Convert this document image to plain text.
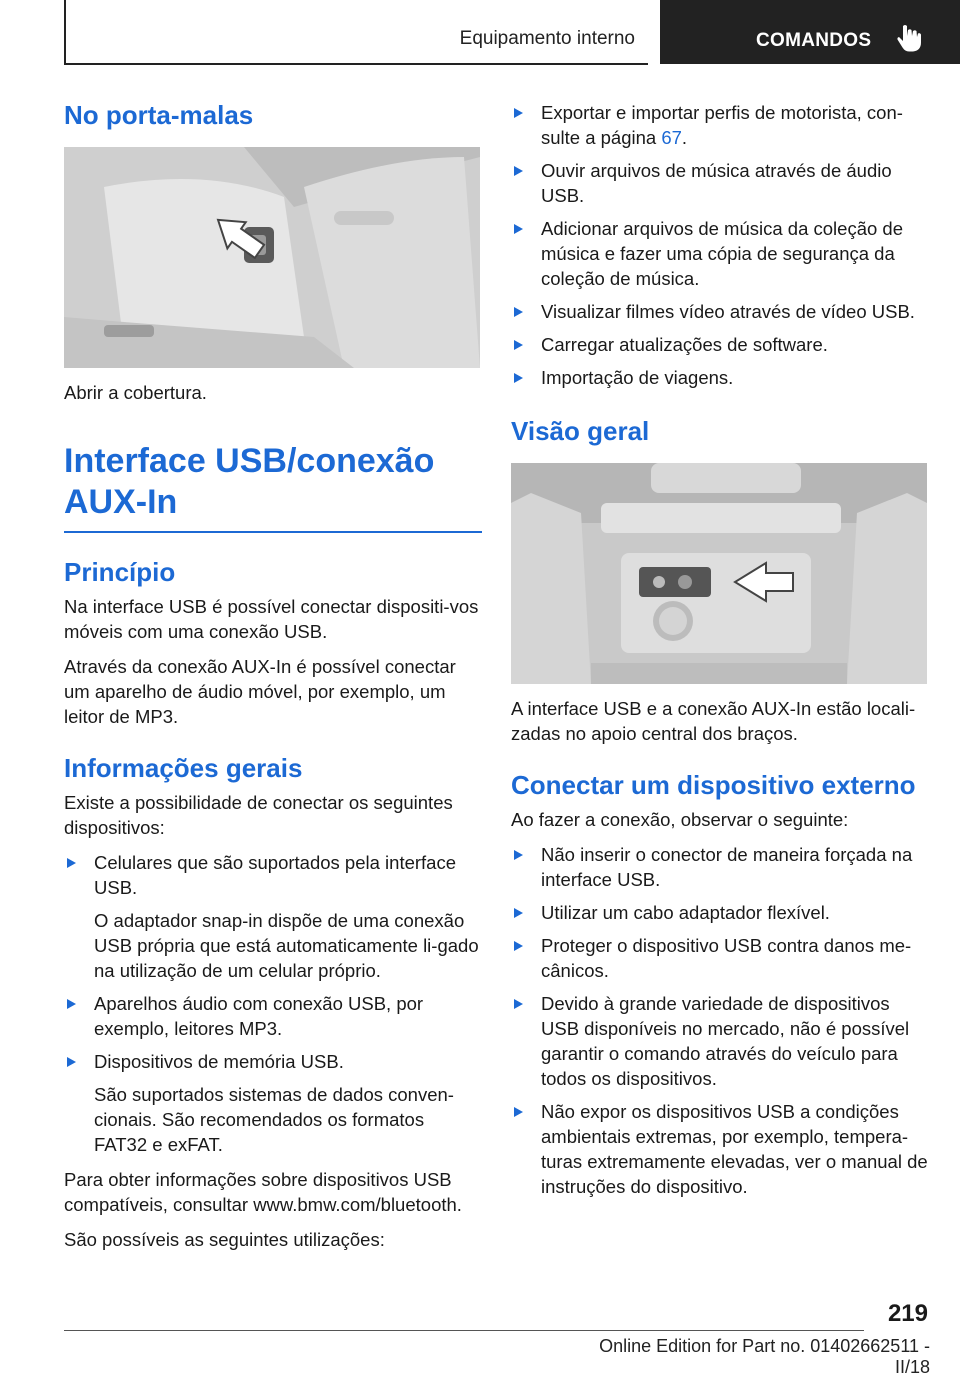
Equipamento interno	COMANDOS
No porta-malas

Abrir a cobertura.

Interface USB/conexão AUX-In
Princípio

Na interface USB é possível conectar dispositi-vos móveis com uma conexão USB.

Através da conexão AUX-In é possível conectar um aparelho de áudio móvel, por exemplo, um leitor de MP3.

Informações gerais

Existe a possibilidade de conectar os seguintes dispositivos:

Celulares que são suportados pela interface USB.
O adaptador snap-in dispõe de uma conexão USB própria que está automaticamente li-gado na utilização de um celular próprio.
Aparelhos áudio com conexão USB, por exemplo, leitores MP3.
Dispositivos de memória USB.
São suportados sistemas de dados conven-cionais. São recomendados os formatos FAT32 e exFAT.

Para obter informações sobre dispositivos USB compatíveis, consultar www.bmw.com/bluetooth.

São possíveis as seguintes utilizações:

Exportar e importar perfis de motorista, con-sulte a página 67.
Ouvir arquivos de música através de áudio USB.
Adicionar arquivos de música da coleção de música e fazer uma cópia de segurança da coleção de música.
Visualizar filmes vídeo através de vídeo USB.
Carregar atualizações de software.
Importação de viagens.
Visão geral

A interface USB e a conexão AUX-In estão locali-zadas no apoio central dos braços.

Conectar um dispositivo externo

Ao fazer a conexão, observar o seguinte:

Não inserir o conector de maneira forçada na interface USB.
Utilizar um cabo adaptador flexível.
Proteger o dispositivo USB contra danos me-cânicos.
Devido à grande variedade de dispositivos USB disponíveis no mercado, não é possível garantir o comando através do veículo para todos os dispositivos.
Não expor os dispositivos USB a condições ambientais extremas, por exemplo, tempera-turas extremamente elevadas, ver o manual de instruções do dispositivo.
219
Online Edition for Part no. 01402662511 - II/18
